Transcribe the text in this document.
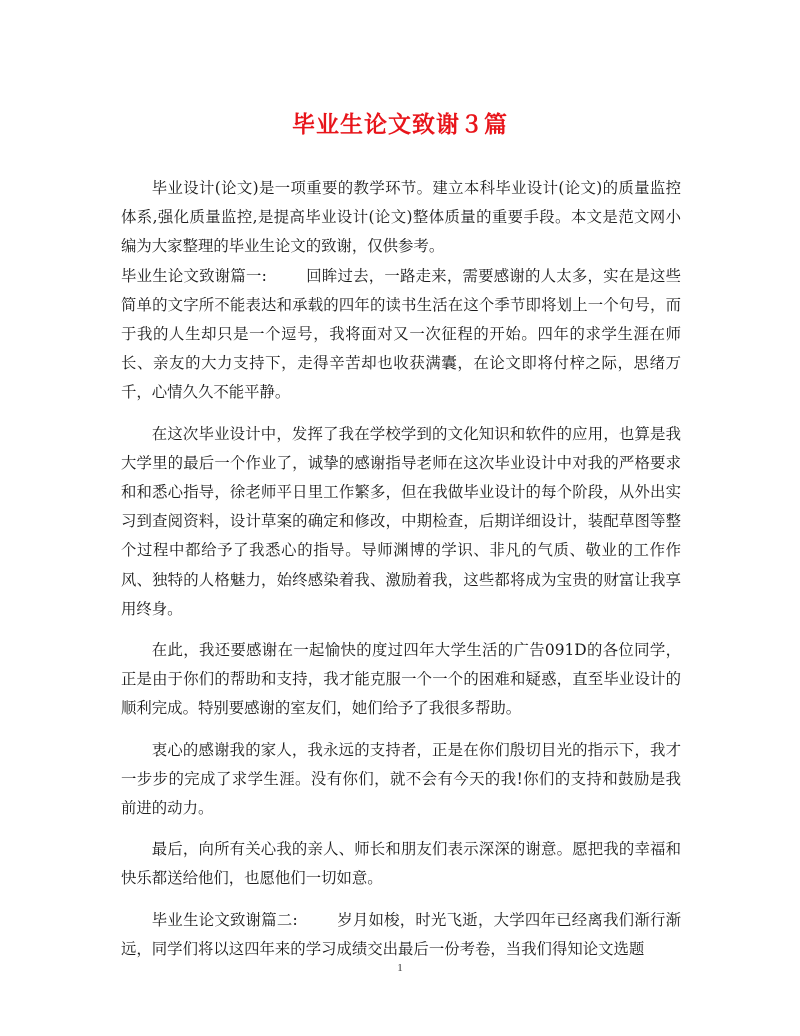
毕业生论文致谢３篇

毕业设计(论文)是一项重要的教学环节。建立本科毕业设计(论文)的质量监控体系,强化质量监控,是提高毕业设计(论文)整体质量的重要手段。本文是范文网小编为大家整理的毕业生论文的致谢，仅供参考。

毕业生论文致谢篇一:　　 	回眸过去，一路走来，需要感谢的人太多，实在是这些简单的文字所不能表达和承载的四年的读书生活在这个季节即将划上一个句号，而于我的人生却只是一个逗号，我将面对又一次征程的开始。四年的求学生涯在师长、亲友的大力支持下，走得辛苦却也收获满囊，在论文即将付梓之际，思绪万千，心情久久不能平静。

在这次毕业设计中，发挥了我在学校学到的文化知识和软件的应用，也算是我大学里的最后一个作业了，诚挚的感谢指导老师在这次毕业设计中对我的严格要求和和悉心指导，徐老师平日里工作繁多，但在我做毕业设计的每个阶段，从外出实习到查阅资料，设计草案的确定和修改，中期检查，后期详细设计，装配草图等整个过程中都给予了我悉心的指导。导师渊博的学识、非凡的气质、敬业的工作作风、独特的人格魅力，始终感染着我、激励着我，这些都将成为宝贵的财富让我享用终身。

在此，我还要感谢在一起愉快的度过四年大学生活的广告091D的各位同学，正是由于你们的帮助和支持，我才能克服一个一个的困难和疑惑，直至毕业设计的顺利完成。特别要感谢的室友们，她们给予了我很多帮助。

衷心的感谢我的家人，我永远的支持者，正是在你们殷切目光的指示下，我才一步步的完成了求学生涯。没有你们，就不会有今天的我!你们的支持和鼓励是我前进的动力。

最后，向所有关心我的亲人、师长和朋友们表示深深的谢意。愿把我的幸福和快乐都送给他们，也愿他们一切如意。

毕业生论文致谢篇二:　　 	岁月如梭，时光飞逝，大学四年已经离我们渐行渐远，同学们将以这四年来的学习成绩交出最后一份考卷，当我们得知论文选题

1
